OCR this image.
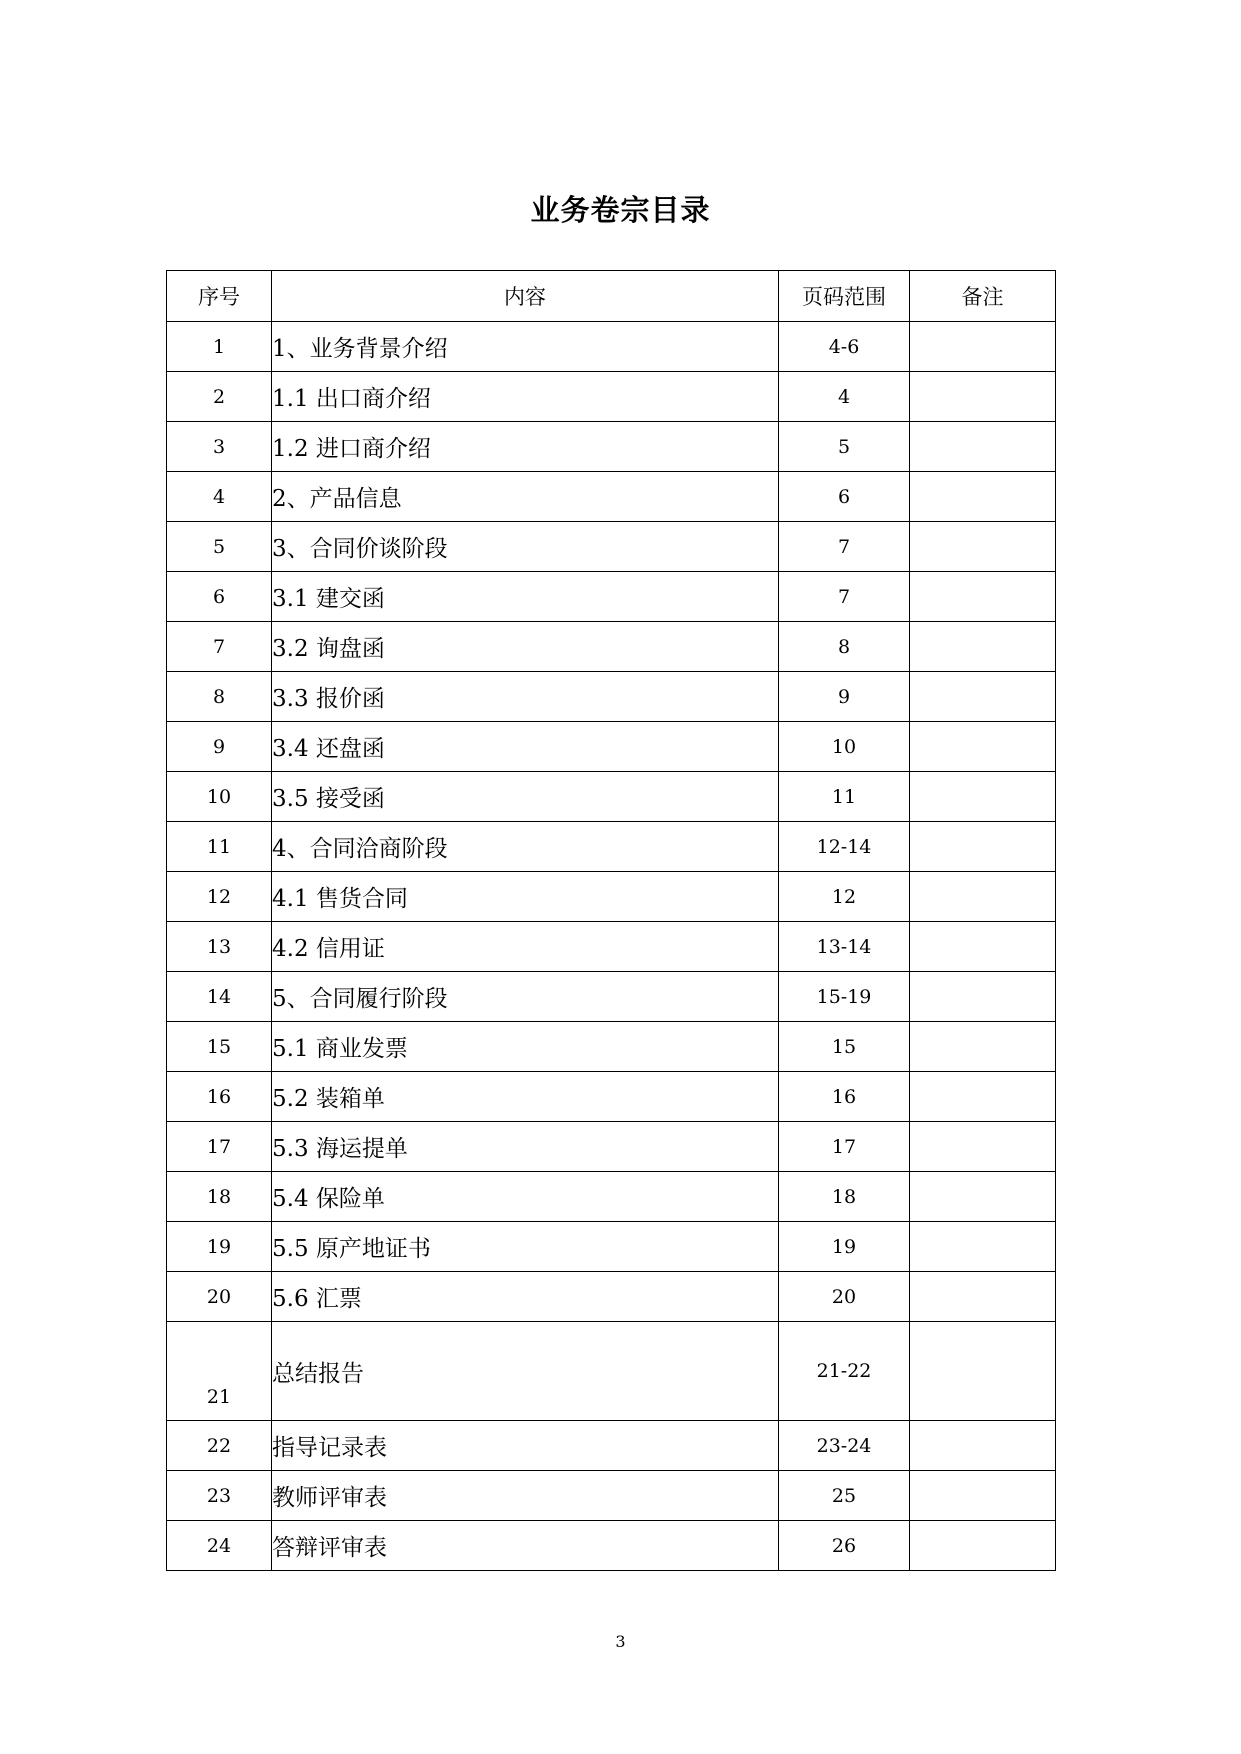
业务卷宗目录
序号	内容	页码范围	备注
1	1、业务背景介绍	4-6	
2	1.1 出口商介绍	4	
3	1.2 进口商介绍	5	
4	2、产品信息	6	
5	3、合同价谈阶段	7	
6	3.1 建交函	7	
7	3.2 询盘函	8	
8	3.3 报价函	9	
9	3.4 还盘函	10	
10	3.5 接受函	11	
11	4、合同洽商阶段	12-14	
12	4.1 售货合同	12	
13	4.2 信用证	13-14	
14	5、合同履行阶段	15-19	
15	5.1 商业发票	15	
16	5.2 装箱单	16	
17	5.3 海运提单	17	
18	5.4 保险单	18	
19	5.5 原产地证书	19	
20	5.6 汇票	20	
21	总结报告	21-22	
22	指导记录表	23-24	
23	教师评审表	25	
24	答辩评审表	26	
3
